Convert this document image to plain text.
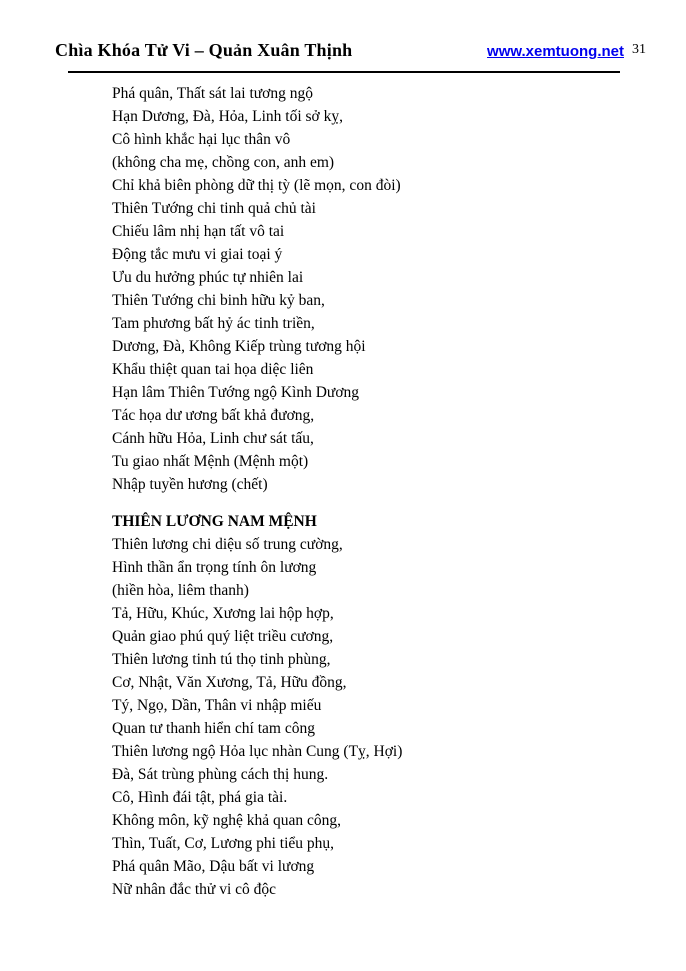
Chìa Khóa Tử Vi – Quản Xuân Thịnh	www.xemtuong.net 31
Phá quân, Thất sát lai tương ngộ
Hạn Dương, Đà, Hỏa, Linh tối sở kỵ,
Cô hình khắc hại lục thân vô
(không cha mẹ, chồng con, anh em)
Chỉ khả biên phòng dữ thị tỳ (lẽ mọn, con đòi)
Thiên Tướng chi tinh quả chủ tài
Chiếu lâm nhị hạn tất vô tai
Động tắc mưu vi giai toại ý
Ưu du hưởng phúc tự nhiên lai
Thiên Tướng chi binh hữu kỷ ban,
Tam phương bất hỷ ác tinh triền,
Dương, Đà, Không Kiếp trùng tương hội
Khẩu thiệt quan tai họa diệc liên
Hạn lâm Thiên Tướng ngộ Kình Dương
Tác họa dư ương bất khả đương,
Cánh hữu Hỏa, Linh chư sát tấu,
Tu giao nhất Mệnh (Mệnh một)
Nhập tuyền hương (chết)
THIÊN LƯƠNG NAM MỆNH
Thiên lương chi diệu số trung cường,
Hình thần ẩn trọng tính ôn lương
(hiền hòa, liêm thanh)
Tả, Hữu, Khúc, Xương lai hộp hợp,
Quản giao phú quý liệt triều cương,
Thiên lương tinh tú thọ tinh phùng,
Cơ, Nhật, Văn Xương, Tả, Hữu đồng,
Tý, Ngọ, Dần, Thân vi nhập miếu
Quan tư thanh hiển chí tam công
Thiên lương ngộ Hỏa lục nhàn Cung (Tỵ, Hợi)
Đà, Sát trùng phùng cách thị hung.
Cô, Hình đái tật, phá gia tài.
Không môn, kỹ nghệ khả quan công,
Thìn, Tuất, Cơ, Lương phi tiểu phụ,
Phá quân Mão, Dậu bất vi lương
Nữ nhân đắc thử vi cô độc
